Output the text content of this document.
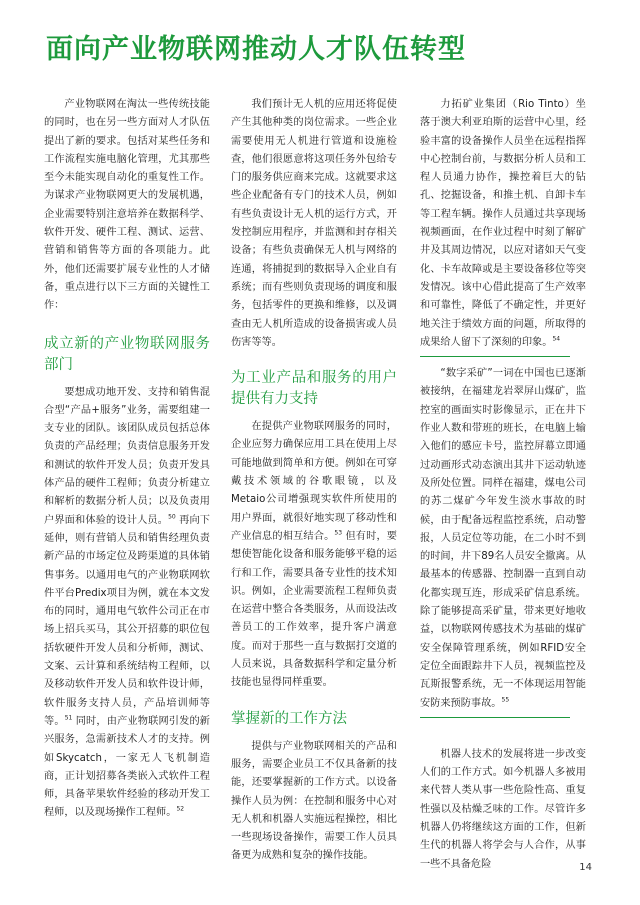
面向产业物联网推动人才队伍转型

产业物联网在淘汰一些传统技能的同时，也在另一些方面对人才队伍提出了新的要求。包括对某些任务和工作流程实施电脑化管理，尤其那些至今未能实现自动化的重复性工作。为谋求产业物联网更大的发展机遇，企业需要特别注意培养在数据科学、软件开发、硬件工程、测试、运营、营销和销售等方面的各项能力。此外，他们还需要扩展专业性的人才储备，重点进行以下三方面的关键性工作：

成立新的产业物联网服务部门

要想成功地开发、支持和销售混合型“产品+服务”业务，需要组建一支专业的团队。该团队成员包括总体负责的产品经理；负责信息服务开发和测试的软件开发人员；负责开发具体产品的硬件工程师；负责分析建立和解析的数据分析人员；以及负责用户界面和体验的设计人员。$^{50}$ 再向下延伸，则有营销人员和销售经理负责新产品的市场定位及跨渠道的具体销售事务。以通用电气的产业物联网软件平台Predix项目为例，就在本文发布的同时，通用电气软件公司正在市场上招兵买马，其公开招募的职位包括软硬件开发人员和分析师，测试、文案、云计算和系统结构工程师，以及移动软件开发人员和软件设计师，软件服务支持人员，产品培训师等等。$^{51}$ 同时，由产业物联网引发的新兴服务，急需新技术人才的支持。例如Skycatch，一家无人飞机制造商，正计划招募各类嵌入式软件工程师，具备苹果软件经验的移动开发工程师，以及现场操作工程师。$^{52}$

我们预计无人机的应用还将促使产生其他种类的岗位需求。一些企业需要使用无人机进行管道和设施检查，他们很愿意将这项任务外包给专门的服务供应商来完成。这就要求这些企业配备有专门的技术人员，例如有些负责设计无人机的运行方式，开发控制应用程序，并监测和封存相关设备；有些负责确保无人机与网络的连通，将捕捉到的数据导入企业自有系统；而有些则负责现场的调度和服务，包括零件的更换和维修，以及调查由无人机所造成的设备损害或人员伤害等等。

为工业产品和服务的用户提供有力支持

在提供产业物联网服务的同时，企业应努力确保应用工具在使用上尽可能地做到简单和方便。例如在可穿戴技术领域的谷歌眼镜，以及Metaio公司增强现实软件所使用的用户界面，就很好地实现了移动性和产业信息的相互结合。$^{53}$ 但有时，要想使智能化设备和服务能够平稳的运行和工作，需要具备专业性的技术知识。例如，企业需要流程工程师负责在运营中整合各类服务，从而设法改善员工的工作效率，提升客户满意度。而对于那些一直与数据打交道的人员来说，具备数据科学和定量分析技能也显得同样重要。

掌握新的工作方法

提供与产业物联网相关的产品和服务，需要企业员工不仅具备新的技能，还要掌握新的工作方式。以设备操作人员为例：在控制和服务中心对无人机和机器人实施远程操控，相比一些现场设备操作，需要工作人员具备更为成熟和复杂的操作技能。

力拓矿业集团（Rio Tinto）坐落于澳大利亚珀斯的运营中心里，经验丰富的设备操作人员坐在远程指挥中心控制台前，与数据分析人员和工程人员通力协作，操控着巨大的钻孔、挖掘设备，和推土机、自卸卡车等工程车辆。操作人员通过共享现场视频画面，在作业过程中时刻了解矿井及其周边情况，以应对诸如天气变化、卡车故障或是主要设备移位等突发情况。该中心借此提高了生产效率和可靠性，降低了不确定性，并更好地关注于绩效方面的问题，所取得的成果给人留下了深刻的印象。$^{54}$

“数字采矿”一词在中国也已逐渐被接纳，在福建龙岩翠屏山煤矿，监控室的画面实时影像显示，正在井下作业人数和带班的班长，在电脑上输入他们的感应卡号，监控屏幕立即通过动画形式动态演出其井下运动轨迹及所处位置。同样在福建，煤电公司的苏二煤矿今年发生淡水事故的时候，由于配备远程监控系统，启动警报，人员定位等功能，在二小时不到的时间，井下89名人员安全撤离。从最基本的传感器、控制器一直到自动化都实现互连，形成采矿信息系统。除了能够提高采矿量，带来更好地收益，以物联网传感技术为基础的煤矿安全保障管理系统，例如RFID安全定位全面跟踪井下人员，视频监控及瓦斯报警系统，无一不体现运用智能安防来预防事故。$^{55}$

机器人技术的发展将进一步改变人们的工作方式。如今机器人多被用来代替人类从事一些危险性高、重复性强以及枯燥乏味的工作。尽管许多机器人仍将继续这方面的工作，但新生代的机器人将学会与人合作，从事一些不具备危险	14
